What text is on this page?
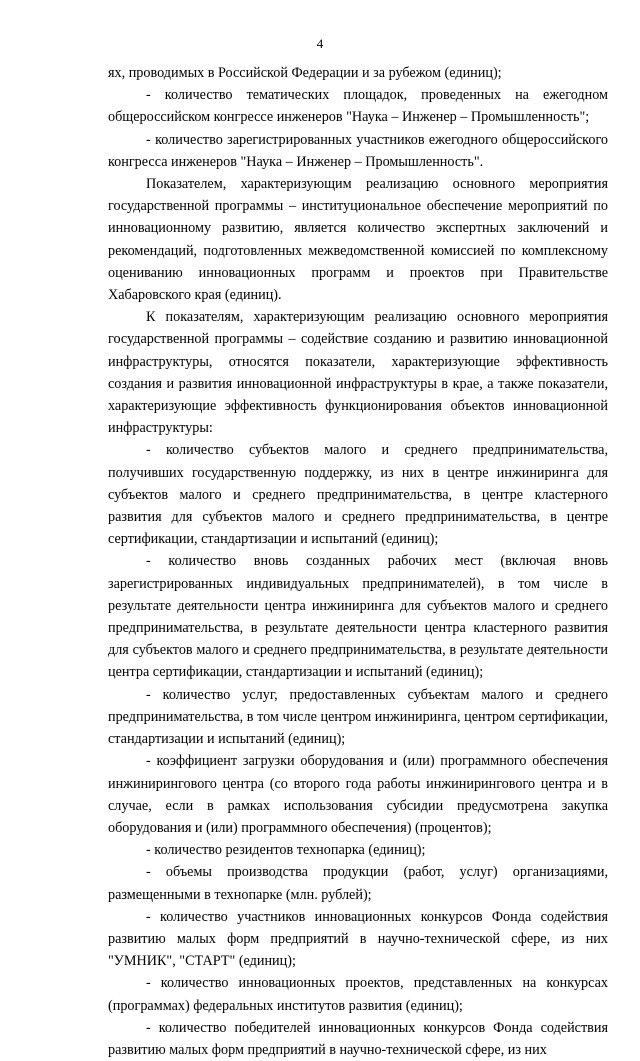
4

ях, проводимых в Российской Федерации и за рубежом (единиц);

- количество тематических площадок, проведенных на ежегодном общероссийском конгрессе инженеров "Наука – Инженер – Промышленность";

- количество зарегистрированных участников ежегодного общероссийского конгресса инженеров "Наука – Инженер – Промышленность".

Показателем, характеризующим реализацию основного мероприятия государственной программы – институциональное обеспечение мероприятий по инновационному развитию, является количество экспертных заключений и рекомендаций, подготовленных межведомственной комиссией по комплексному оцениванию инновационных программ и проектов при Правительстве Хабаровского края (единиц).

К показателям, характеризующим реализацию основного мероприятия государственной программы – содействие созданию и развитию инновационной инфраструктуры, относятся показатели, характеризующие эффективность создания и развития инновационной инфраструктуры в крае, а также показатели, характеризующие эффективность функционирования объектов инновационной инфраструктуры:

- количество субъектов малого и среднего предпринимательства, получивших государственную поддержку, из них в центре инжиниринга для субъектов малого и среднего предпринимательства, в центре кластерного развития для субъектов малого и среднего предпринимательства, в центре сертификации, стандартизации и испытаний (единиц);

- количество вновь созданных рабочих мест (включая вновь зарегистрированных индивидуальных предпринимателей), в том числе в результате деятельности центра инжиниринга для субъектов малого и среднего предпринимательства, в результате деятельности центра кластерного развития для субъектов малого и среднего предпринимательства, в результате деятельности центра сертификации, стандартизации и испытаний (единиц);

- количество услуг, предоставленных субъектам малого и среднего предпринимательства, в том числе центром инжиниринга, центром сертификации, стандартизации и испытаний (единиц);

- коэффициент загрузки оборудования и (или) программного обеспечения инжинирингового центра (со второго года работы инжинирингового центра и в случае, если в рамках использования субсидии предусмотрена закупка оборудования и (или) программного обеспечения) (процентов);

- количество резидентов технопарка (единиц);

- объемы производства продукции (работ, услуг) организациями, размещенными в технопарке (млн. рублей);

- количество участников инновационных конкурсов Фонда содействия развитию малых форм предприятий в научно-технической сфере, из них "УМНИК", "СТАРТ" (единиц);

- количество инновационных проектов, представленных на конкурсах (программах) федеральных институтов развития (единиц);

- количество победителей инновационных конкурсов Фонда содействия развитию малых форм предприятий в научно-технической сфере, из них
